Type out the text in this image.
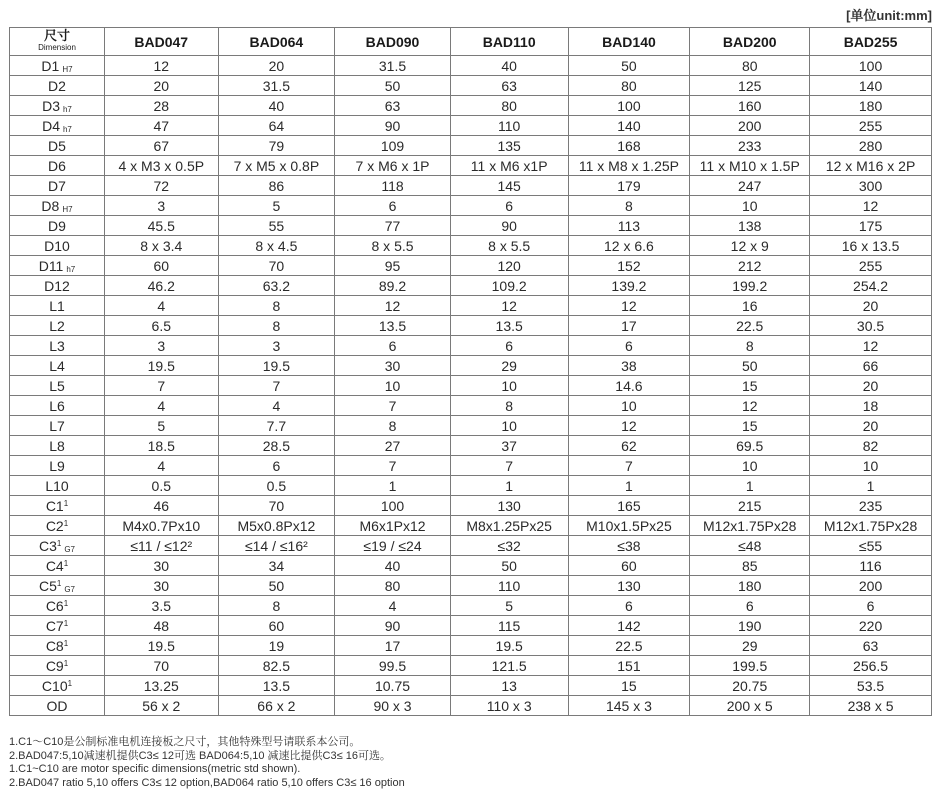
[单位unit:mm]
尺寸
Dimension	BAD047	BAD064	BAD090	BAD110	BAD140	BAD200	BAD255
D1 $_{H7}$	12	20	31.5	40	50	80	100
D2	20	31.5	50	63	80	125	140
D3 $_{h7}$	28	40	63	80	100	160	180
D4 $_{h7}$	47	64	90	110	140	200	255
D5	67	79	109	135	168	233	280
D6	4 x M3 x 0.5P	7 x M5 x 0.8P	7 x M6 x 1P	11 x M6 x1P	11 x M8 x 1.25P	11 x M10 x 1.5P	12 x M16 x 2P
D7	72	86	118	145	179	247	300
D8 $_{H7}$	3	5	6	6	8	10	12
D9	45.5	55	77	90	113	138	175
D10	8 x 3.4	8 x 4.5	8 x 5.5	8 x 5.5	12 x 6.6	12 x 9	16 x 13.5
D11 $_{h7}$	60	70	95	120	152	212	255
D12	46.2	63.2	89.2	109.2	139.2	199.2	254.2
L1	4	8	12	12	12	16	20
L2	6.5	8	13.5	13.5	17	22.5	30.5
L3	3	3	6	6	6	8	12
L4	19.5	19.5	30	29	38	50	66
L5	7	7	10	10	14.6	15	20
L6	4	4	7	8	10	12	18
L7	5	7.7	8	10	12	15	20
L8	18.5	28.5	27	37	62	69.5	82
L9	4	6	7	7	7	10	10
L10	0.5	0.5	1	1	1	1	1
$C1^1$	46	70	100	130	165	215	235
$C2^1$	M4x0.7Px10	M5x0.8Px12	M6x1Px12	M8x1.25Px25	M10x1.5Px25	M12x1.75Px28	M12x1.75Px28
$C3^1_{G7}$	≤11 / ≤12²	≤14 / ≤16²	≤19 / ≤24	≤32	≤38	≤48	≤55
$C4^1$	30	34	40	50	60	85	116
$C5^1_{G7}$	30	50	80	110	130	180	200
$C6^1$	3.5	8	4	5	6	6	6
$C7^1$	48	60	90	115	142	190	220
$C8^1$	19.5	19	17	19.5	22.5	29	63
$C9^1$	70	82.5	99.5	121.5	151	199.5	256.5
$C10^1$	13.25	13.5	10.75	13	15	20.75	53.5
OD	56 x 2	66 x 2	90 x 3	110 x 3	145 x 3	200 x 5	238 x 5
1.C1～C10是公制标准电机连接板之尺寸，其他特殊型号请联系本公司。
2.BAD047:5,10减速机提供C3≤ 12可选 BAD064:5,10 减速比提供C3≤ 16可选。
1.C1~C10 are motor specific dimensions(metric std shown).
2.BAD047 ratio 5,10 offers C3≤ 12 option,BAD064 ratio 5,10 offers C3≤ 16 option
